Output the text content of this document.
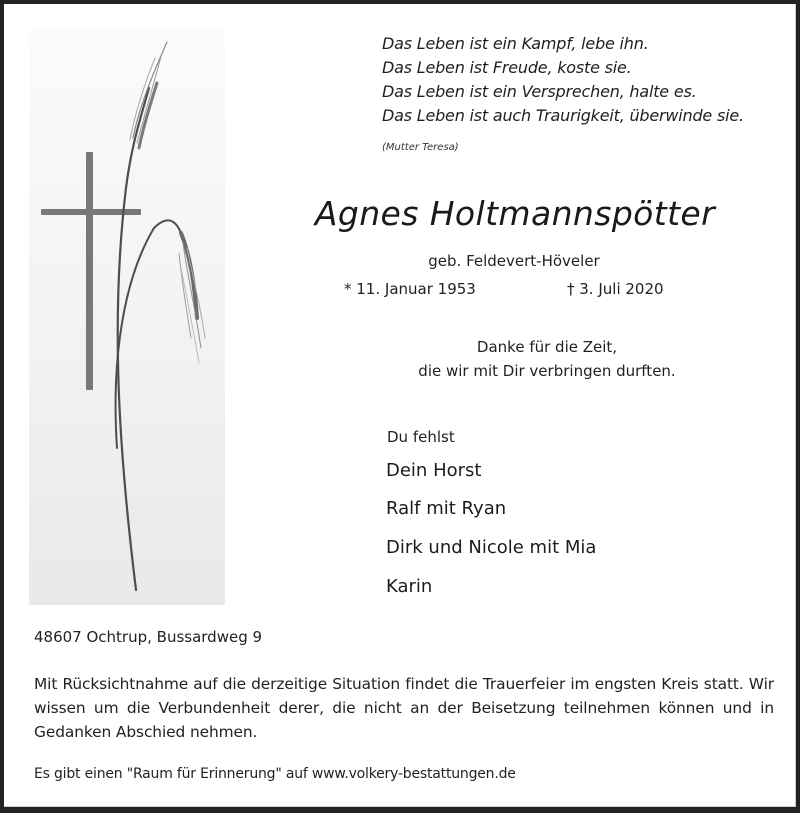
Das Leben ist ein Kampf, lebe ihn.
Das Leben ist Freude, koste sie.
Das Leben ist ein Versprechen, halte es.
Das Leben ist auch Traurigkeit, überwinde sie.
(Mutter Teresa)
Agnes Holtmannspötter
geb. Feldevert-Höveler
* 11. Januar 1953	† 3. Juli 2020
Danke für die Zeit,
die wir mit Dir verbringen durften.
Du fehlst
Dein Horst
Ralf mit Ryan
Dirk und Nicole mit Mia
Karin
48607 Ochtrup, Bussardweg 9
Mit Rücksichtnahme auf die derzeitige Situation findet die Trauerfeier im engsten Kreis statt. Wir wissen um die Verbundenheit derer, die nicht an der Beisetzung teilnehmen können und in Gedanken Abschied nehmen.
Es gibt einen "Raum für Erinnerung" auf www.volkery-bestattungen.de
